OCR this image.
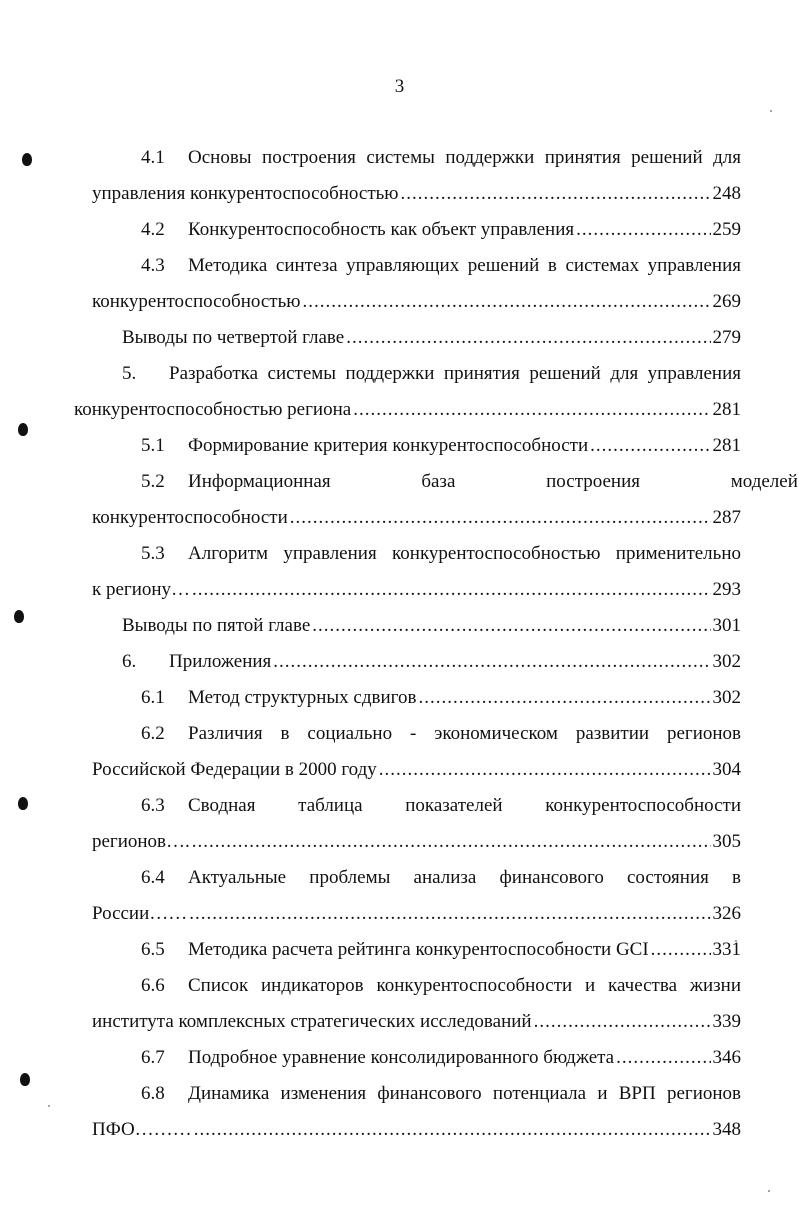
3
4.1 Основы построения системы поддержки принятия решений для
управления конкурентоспособностью .....	248
4.2 Конкурентоспособность как объект управления .....	259
4.3 Методика синтеза управляющих решений в системах управления
конкурентоспособностью .....	269
Выводы по четвертой главе .....	279
5. Разработка системы поддержки принятия решений для управления
конкурентоспособностью региона .....	281
5.1 Формирование критерия конкурентоспособности .....	281
5.2 Информационная база построения моделей
конкурентоспособности .....	287
5.3 Алгоритм управления конкурентоспособностью применительно
к региону… .....	293
Выводы по пятой главе .....	301
6. Приложения .....	302
6.1 Метод структурных сдвигов .....	302
6.2 Различия в социально - экономическом развитии регионов
Российской Федерации в 2000 году .....	304
6.3 Сводная таблица показателей конкурентоспособности
регионов…. .....	305
6.4 Актуальные проблемы анализа финансового состояния в
России…… .....	326
6.5 Методика расчета рейтинга конкурентоспособности GCI .....	331
6.6 Список индикаторов конкурентоспособности и качества жизни
института комплексных стратегических исследований .....	339
6.7 Подробное уравнение консолидированного бюджета .....	346
6.8 Динамика изменения финансового потенциала и ВРП регионов
ПФО……… .....	348
